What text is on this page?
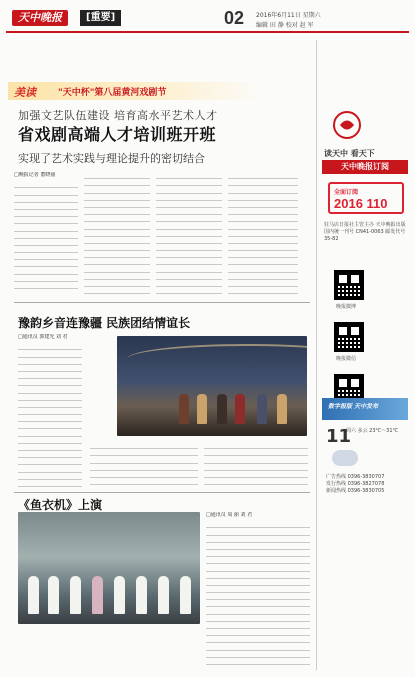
天中晚报	[重要]	02 2016年6月11日 星期六
编辑 田 静 校对 赵 军
美读 "天中杯"第八届黄河戏剧节
加强文艺队伍建设 培育高水平艺术人才
省戏剧高端人才培训班开班
实现了艺术实践与理论提升的密切结合
□晚报记者 董晓丽
豫韵乡音连豫疆 民族团结情谊长
□通讯员 郭建光 刘 君
《鱼衣机》上演
□通讯员 周 丽 刘 君
读天中 看天下
天中晚报订阅
全面订阅
2016 110
驻马店日报社主管主办 天中晚报出版 国内统一刊号 CN41-0063 邮发代号 35-82
晚报微博
晚报微信
数字报版 天中发布
11
周六 多云 23℃～31℃
广告热线 0396-3830707
发行热线 0396-3827078
新闻热线 0396-3830705
